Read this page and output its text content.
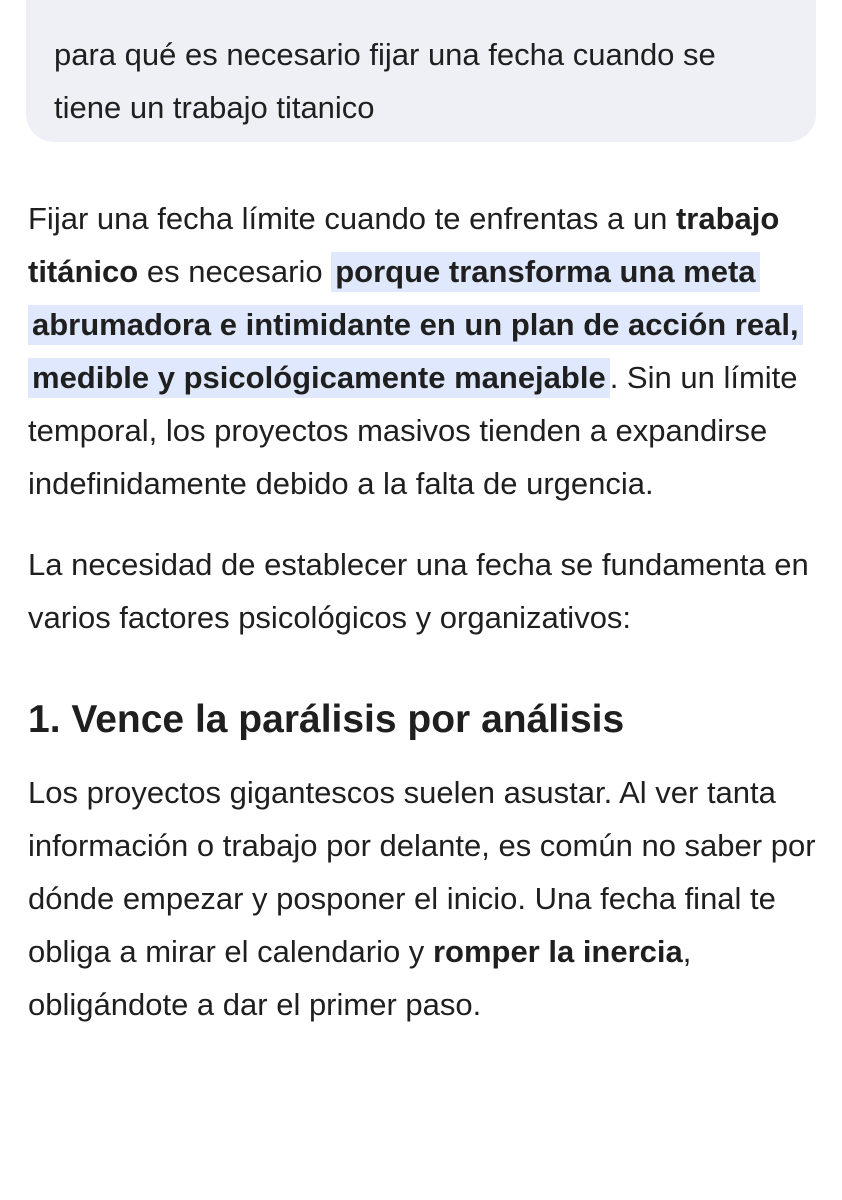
para qué es necesario fijar una fecha cuando se tiene un trabajo titanico

Fijar una fecha límite cuando te enfrentas a un trabajo titánico es necesario porque transforma una meta abrumadora e intimidante en un plan de acción real, medible y psicológicamente manejable . Sin un límite temporal, los proyectos masivos tienden a expandirse indefinidamente debido a la falta de urgencia.

La necesidad de establecer una fecha se fundamenta en varios factores psicológicos y organizativos:

1. Vence la parálisis por análisis

Los proyectos gigantescos suelen asustar. Al ver tanta información o trabajo por delante, es común no saber por dónde empezar y posponer el inicio. Una fecha final te obliga a mirar el calendario y romper la inercia, obligándote a dar el primer paso.
